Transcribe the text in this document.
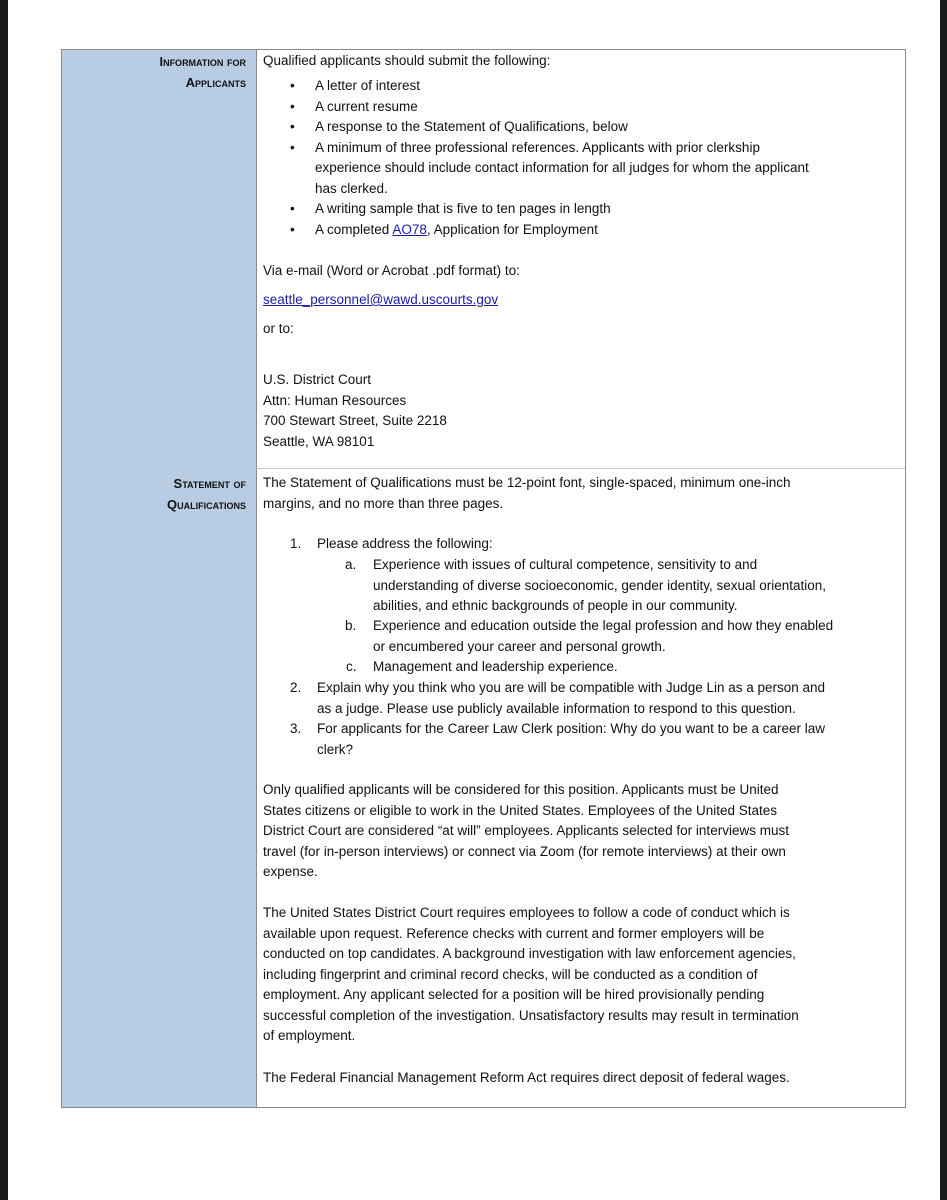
Information for
Applicants
Statement of
Qualifications
Qualified applicants should submit the following:
• A letter of interest
• A current resume
• A response to the Statement of Qualifications, below
• A minimum of three professional references. Applicants with prior clerkship
experience should include contact information for all judges for whom the applicant
has clerked.
• A writing sample that is five to ten pages in length
• A completed AO78, Application for Employment
Via e-mail (Word or Acrobat .pdf format) to:
seattle_personnel@wawd.uscourts.gov
or to:
U.S. District Court
Attn: Human Resources
700 Stewart Street, Suite 2218
Seattle, WA 98101
The Statement of Qualifications must be 12-point font, single-spaced, minimum one-inch
margins, and no more than three pages.
1. Please address the following:
a. Experience with issues of cultural competence, sensitivity to and
understanding of diverse socioeconomic, gender identity, sexual orientation,
abilities, and ethnic backgrounds of people in our community.
b. Experience and education outside the legal profession and how they enabled
or encumbered your career and personal growth.
c. Management and leadership experience.
2. Explain why you think who you are will be compatible with Judge Lin as a person and
as a judge. Please use publicly available information to respond to this question.
3. For applicants for the Career Law Clerk position: Why do you want to be a career law
clerk?
Only qualified applicants will be considered for this position. Applicants must be United
States citizens or eligible to work in the United States. Employees of the United States
District Court are considered “at will” employees. Applicants selected for interviews must
travel (for in-person interviews) or connect via Zoom (for remote interviews) at their own
expense.
The United States District Court requires employees to follow a code of conduct which is
available upon request. Reference checks with current and former employers will be
conducted on top candidates. A background investigation with law enforcement agencies,
including fingerprint and criminal record checks, will be conducted as a condition of
employment. Any applicant selected for a position will be hired provisionally pending
successful completion of the investigation. Unsatisfactory results may result in termination
of employment.
The Federal Financial Management Reform Act requires direct deposit of federal wages.
